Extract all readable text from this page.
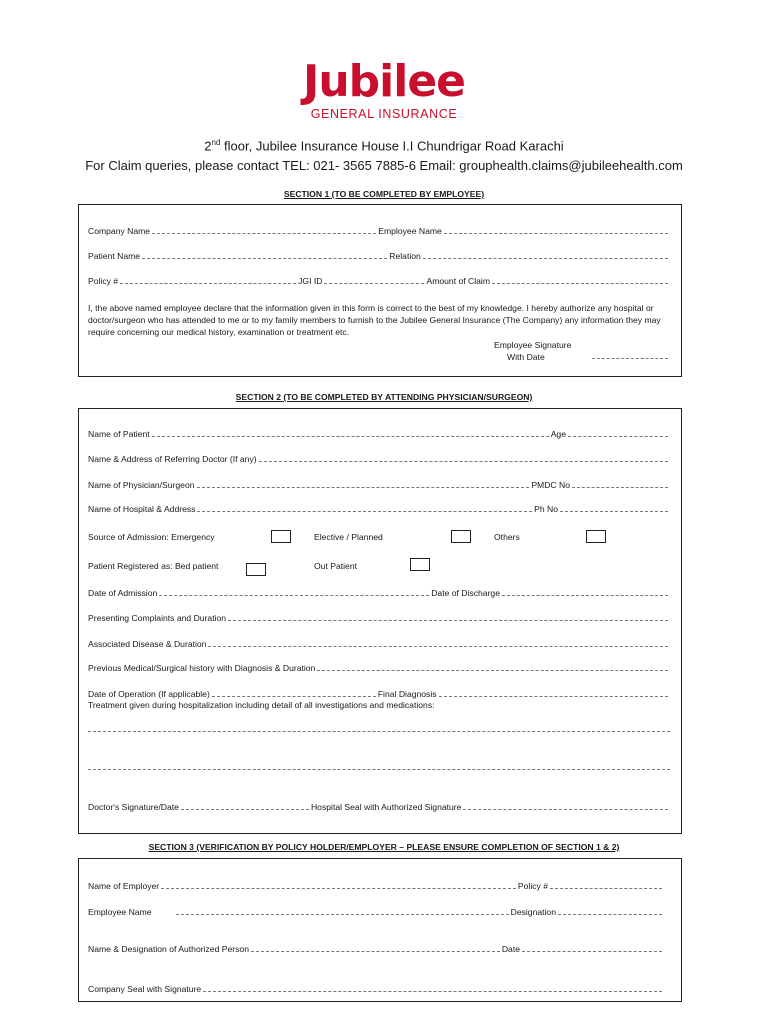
Jubilee
GENERAL INSURANCE
2nd floor, Jubilee Insurance House I.I Chundrigar Road Karachi
For Claim queries, please contact TEL: 021- 3565 7885-6 Email: grouphealth.claims@jubileehealth.com
SECTION 1 (TO BE COMPLETED BY EMPLOYEE)
Company Name	Employee Name
Patient Name	Relation
Policy #	JGI ID	Amount of Claim
I, the above named employee declare that the information given in this form is correct to the best of my knowledge. I hereby authorize any hospital or doctor/surgeon who has attended to me or to my family members to furnish to the Jubilee General Insurance (The Company) any information they may require concerning our medical history, examination or treatment etc.
Employee Signature
With Date
SECTION 2 (TO BE COMPLETED BY ATTENDING PHYSICIAN/SURGEON)
Name of Patient	Age
Name & Address of Referring Doctor (If any)
Name of Physician/Surgeon	PMDC No
Name of Hospital & Address	Ph No
Source of Admission: Emergency	Elective / Planned	Others
Patient Registered as: Bed patient	Out Patient
Date of Admission	Date of Discharge
Presenting Complaints and Duration
Associated Disease & Duration
Previous Medical/Surgical history with Diagnosis & Duration
Date of Operation (If applicable)	Final Diagnosis
Treatment given during hospitalization including detail of all investigations and medications:
Doctor's Signature/Date	Hospital Seal with Authorized Signature
SECTION 3 (VERIFICATION BY POLICY HOLDER/EMPLOYER – PLEASE ENSURE COMPLETION OF SECTION 1 & 2)
Name of Employer	Policy #
Employee Name	Designation
Name & Designation of Authorized Person	Date
Company Seal with Signature
